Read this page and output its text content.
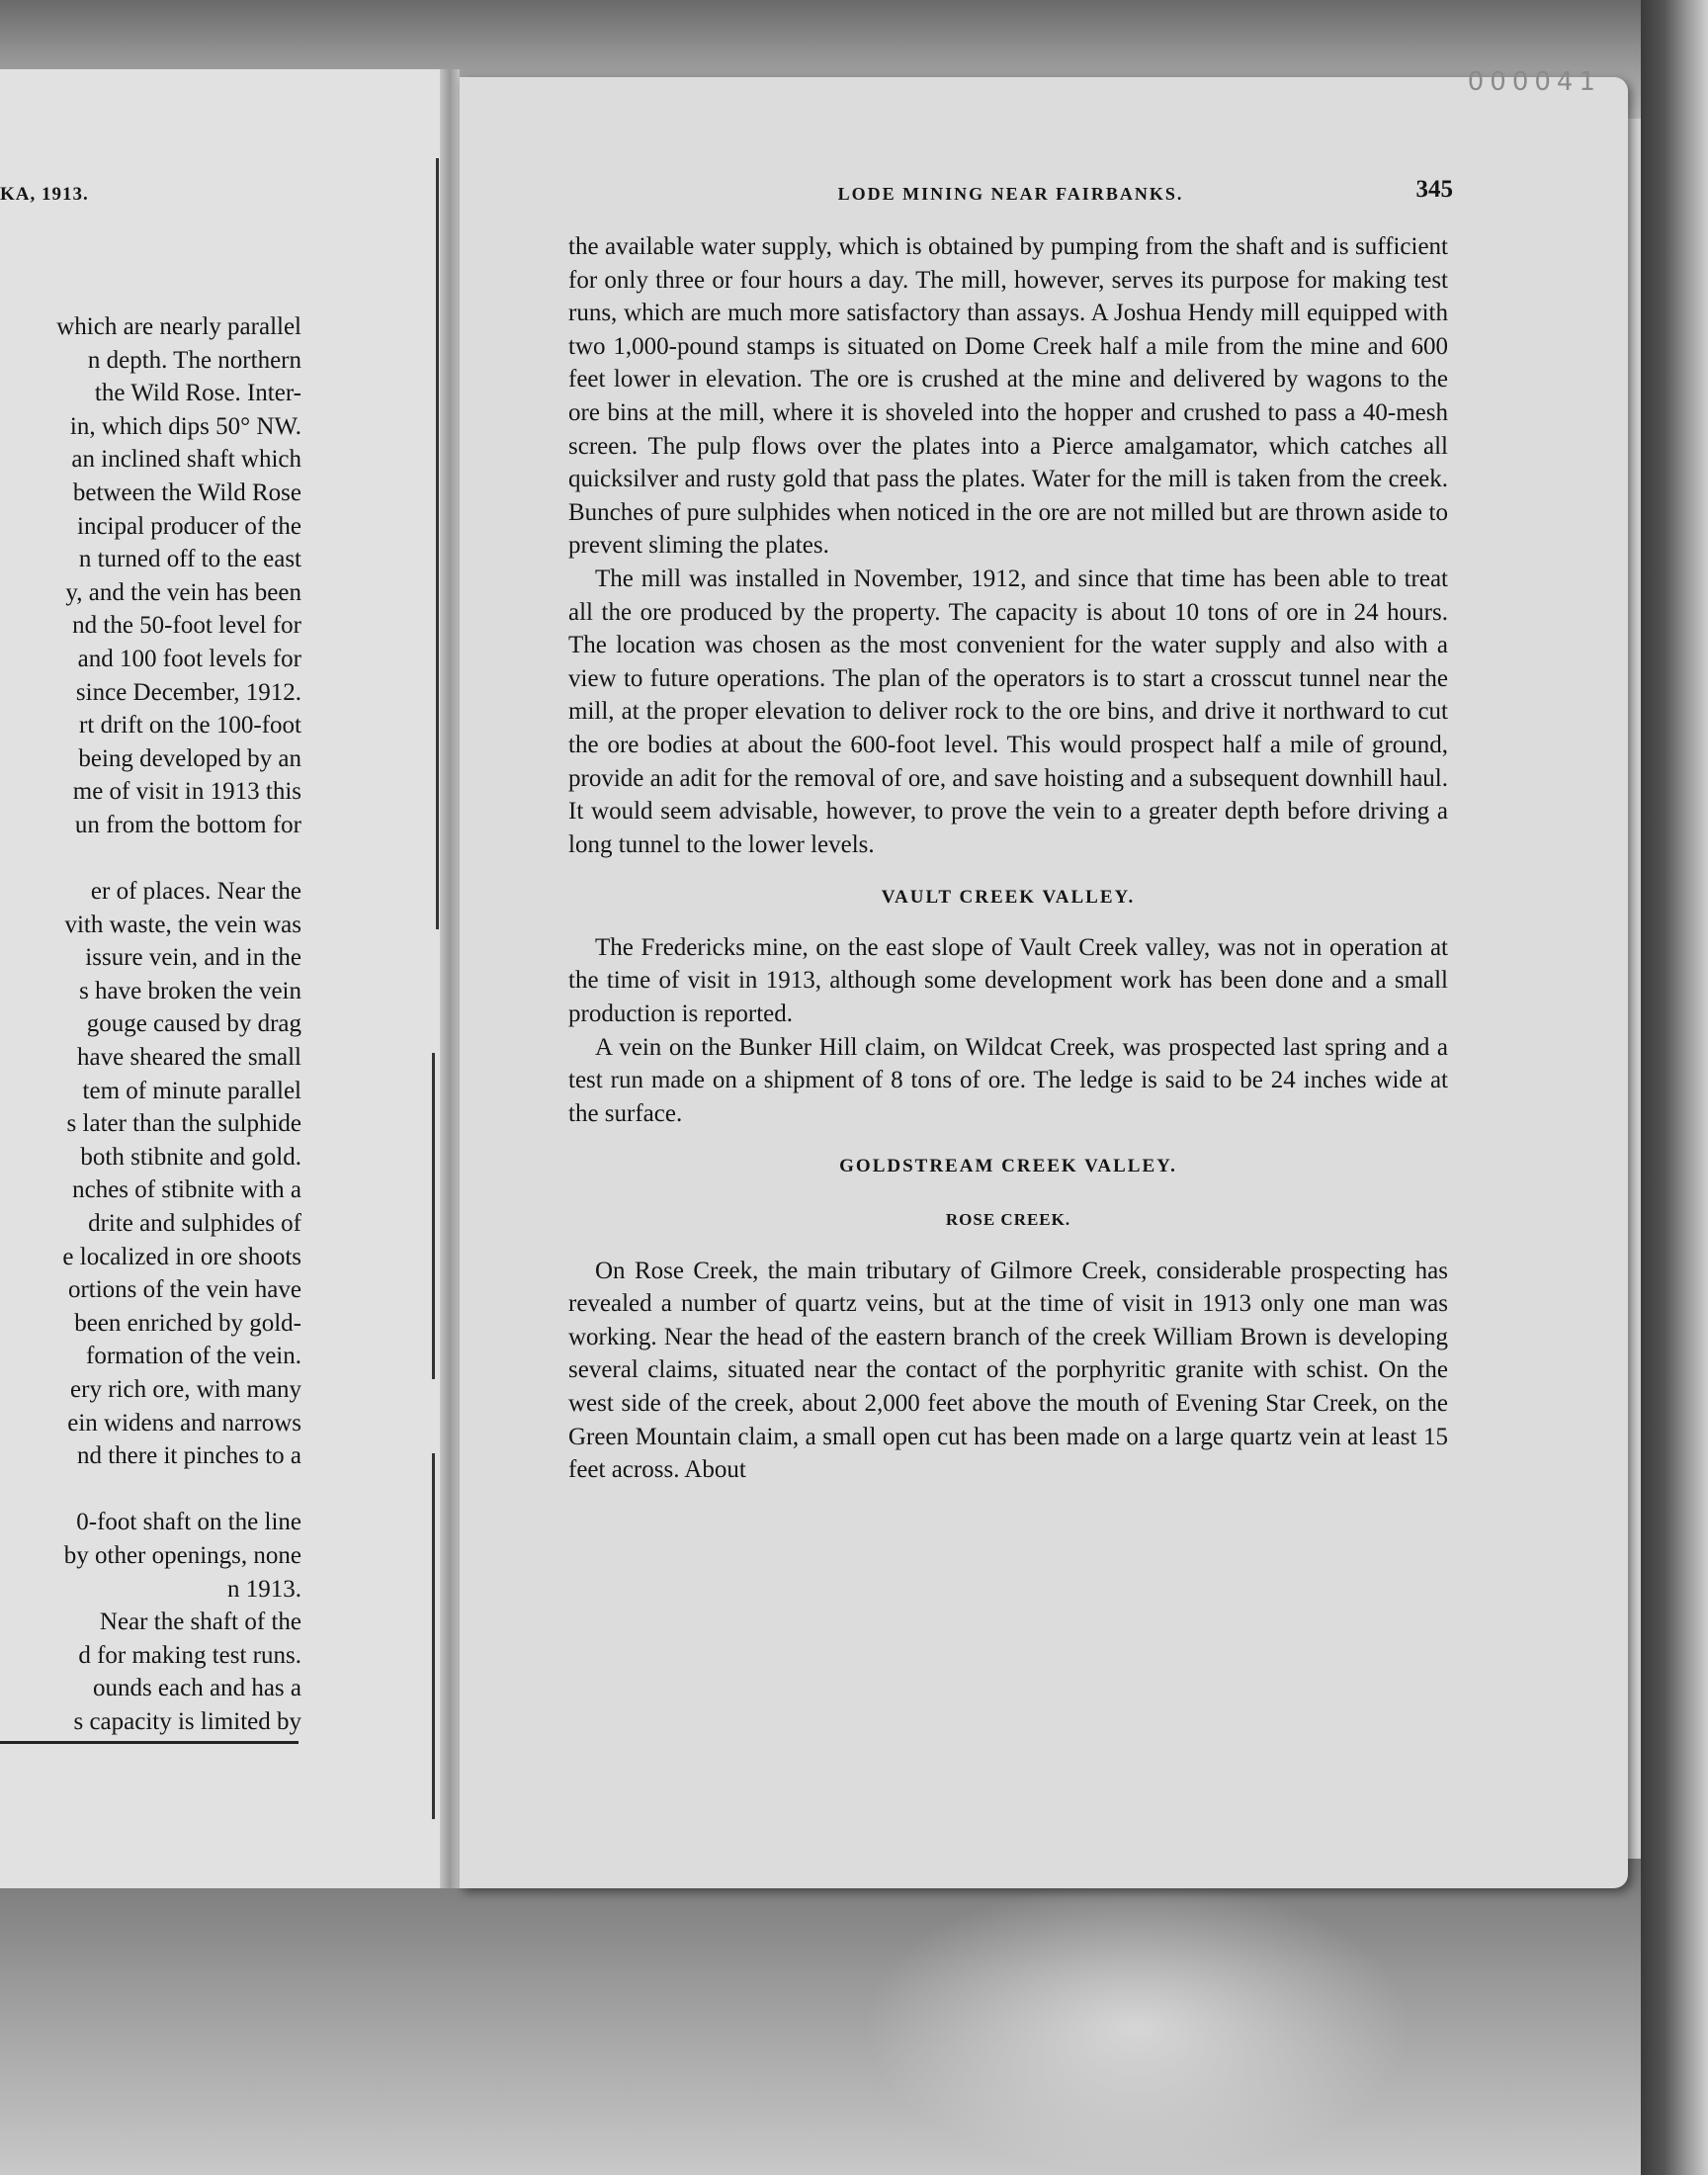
KA, 1913.
which are nearly parallel
n depth. The northern
the Wild Rose. Inter-
in, which dips 50° NW.
an inclined shaft which
between the Wild Rose
incipal producer of the
n turned off to the east
y, and the vein has been
nd the 50-foot level for
and 100 foot levels for
since December, 1912.
rt drift on the 100-foot
being developed by an
me of visit in 1913 this
un from the bottom for
er of places. Near the
vith waste, the vein was
issure vein, and in the
s have broken the vein
gouge caused by drag
have sheared the small
tem of minute parallel
s later than the sulphide
both stibnite and gold.
nches of stibnite with a
drite and sulphides of
e localized in ore shoots
ortions of the vein have
been enriched by gold-
formation of the vein.
ery rich ore, with many
ein widens and narrows
nd there it pinches to a
0-foot shaft on the line
by other openings, none
n 1913.
Near the shaft of the
d for making test runs.
ounds each and has a
s capacity is limited by
000041
LODE MINING NEAR FAIRBANKS.	345

the available water supply, which is obtained by pumping from the shaft and is sufficient for only three or four hours a day. The mill, however, serves its purpose for making test runs, which are much more satisfactory than assays. A Joshua Hendy mill equipped with two 1,000-pound stamps is situated on Dome Creek half a mile from the mine and 600 feet lower in elevation. The ore is crushed at the mine and delivered by wagons to the ore bins at the mill, where it is shoveled into the hopper and crushed to pass a 40-mesh screen. The pulp flows over the plates into a Pierce amalgamator, which catches all quicksilver and rusty gold that pass the plates. Water for the mill is taken from the creek. Bunches of pure sulphides when noticed in the ore are not milled but are thrown aside to prevent sliming the plates.

The mill was installed in November, 1912, and since that time has been able to treat all the ore produced by the property. The capacity is about 10 tons of ore in 24 hours. The location was chosen as the most convenient for the water supply and also with a view to future operations. The plan of the operators is to start a crosscut tunnel near the mill, at the proper elevation to deliver rock to the ore bins, and drive it northward to cut the ore bodies at about the 600-foot level. This would prospect half a mile of ground, provide an adit for the removal of ore, and save hoisting and a subsequent downhill haul. It would seem advisable, however, to prove the vein to a greater depth before driving a long tunnel to the lower levels.

VAULT CREEK VALLEY.

The Fredericks mine, on the east slope of Vault Creek valley, was not in operation at the time of visit in 1913, although some development work has been done and a small production is reported.

A vein on the Bunker Hill claim, on Wildcat Creek, was prospected last spring and a test run made on a shipment of 8 tons of ore. The ledge is said to be 24 inches wide at the surface.

GOLDSTREAM CREEK VALLEY.
ROSE CREEK.

On Rose Creek, the main tributary of Gilmore Creek, considerable prospecting has revealed a number of quartz veins, but at the time of visit in 1913 only one man was working. Near the head of the eastern branch of the creek William Brown is developing several claims, situated near the contact of the porphyritic granite with schist. On the west side of the creek, about 2,000 feet above the mouth of Evening Star Creek, on the Green Mountain claim, a small open cut has been made on a large quartz vein at least 15 feet across. About
